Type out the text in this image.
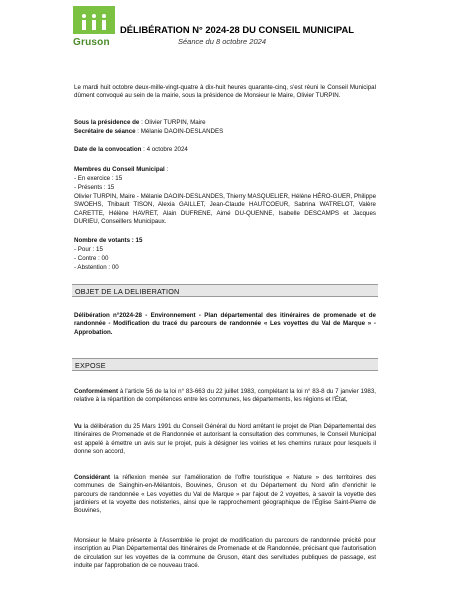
Gruson
DÉLIBÉRATION N° 2024-28 DU CONSEIL MUNICIPAL
Séance du 8 octobre 2024
Le mardi huit octobre deux-mille-vingt-quatre à dix-huit heures quarante-cinq, s'est réuni le Conseil Municipal dûment convoqué au sein de la mairie, sous la présidence de Monsieur le Maire, Olivier TURPIN.
Sous la présidence de : Olivier TURPIN, Maire
Secrétaire de séance : Mélanie DAOIN-DESLANDES
Date de la convocation : 4 octobre 2024
Membres du Conseil Municipal :
- En exercice : 15
- Présents : 15
Olivier TURPIN, Maire - Mélanie DAOIN-DESLANDES, Thierry MASQUELIER, Hélène HÉRO-GUER, Philippe SWOEHS, Thibault TISON, Alexia GAILLET, Jean-Claude HAUTCOEUR, Sabrina WATRELOT, Valère CARETTE, Hélène HAVRET, Alain DUFRENE, Aimé DU-QUENNE, Isabelle DESCAMPS et Jacques DURIEU, Conseillers Municipaux.
Nombre de votants : 15
- Pour : 15
- Contre : 00
- Abstention : 00
OBJET DE LA DELIBERATION
Délibération n°2024-28 - Environnement - Plan départemental des itinéraires de promenade et de randonnée - Modification du tracé du parcours de randonnée « Les voyettes du Val de Marque » - Approbation.
EXPOSE
Conformément à l'article 56 de la loi n° 83-663 du 22 juillet 1983, complétant la loi n° 83-8 du 7 janvier 1983, relative à la répartition de compétences entre les communes, les départements, les régions et l'État,
Vu la délibération du 25 Mars 1991 du Conseil Général du Nord arrêtant le projet de Plan Départemental des Itinéraires de Promenade et de Randonnée et autorisant la consultation des communes, le Conseil Municipal est appelé à émettre un avis sur le projet, puis à désigner les voiries et les chemins ruraux pour lesquels il donne son accord,
Considérant la réflexion menée sur l'amélioration de l'offre touristique « Nature » des territoires des communes de Sainghin-en-Mélantois, Bouvines, Gruson et du Département du Nord afin d'enrichir le parcours de randonnée « Les voyettes du Val de Marque » par l'ajout de 2 voyettes, à savoir la voyette des jardiniers et la voyette des notisteries, ainsi que le rapprochement géographique de l'Église Saint-Pierre de Bouvines,
Monsieur le Maire présente à l'Assemblée le projet de modification du parcours de randonnée précité pour inscription au Plan Départemental des Itinéraires de Promenade et de Randonnée, précisant que l'autorisation de circulation sur les voyettes de la commune de Gruson, étant des servitudes publiques de passage, est induite par l'approbation de ce nouveau tracé.
